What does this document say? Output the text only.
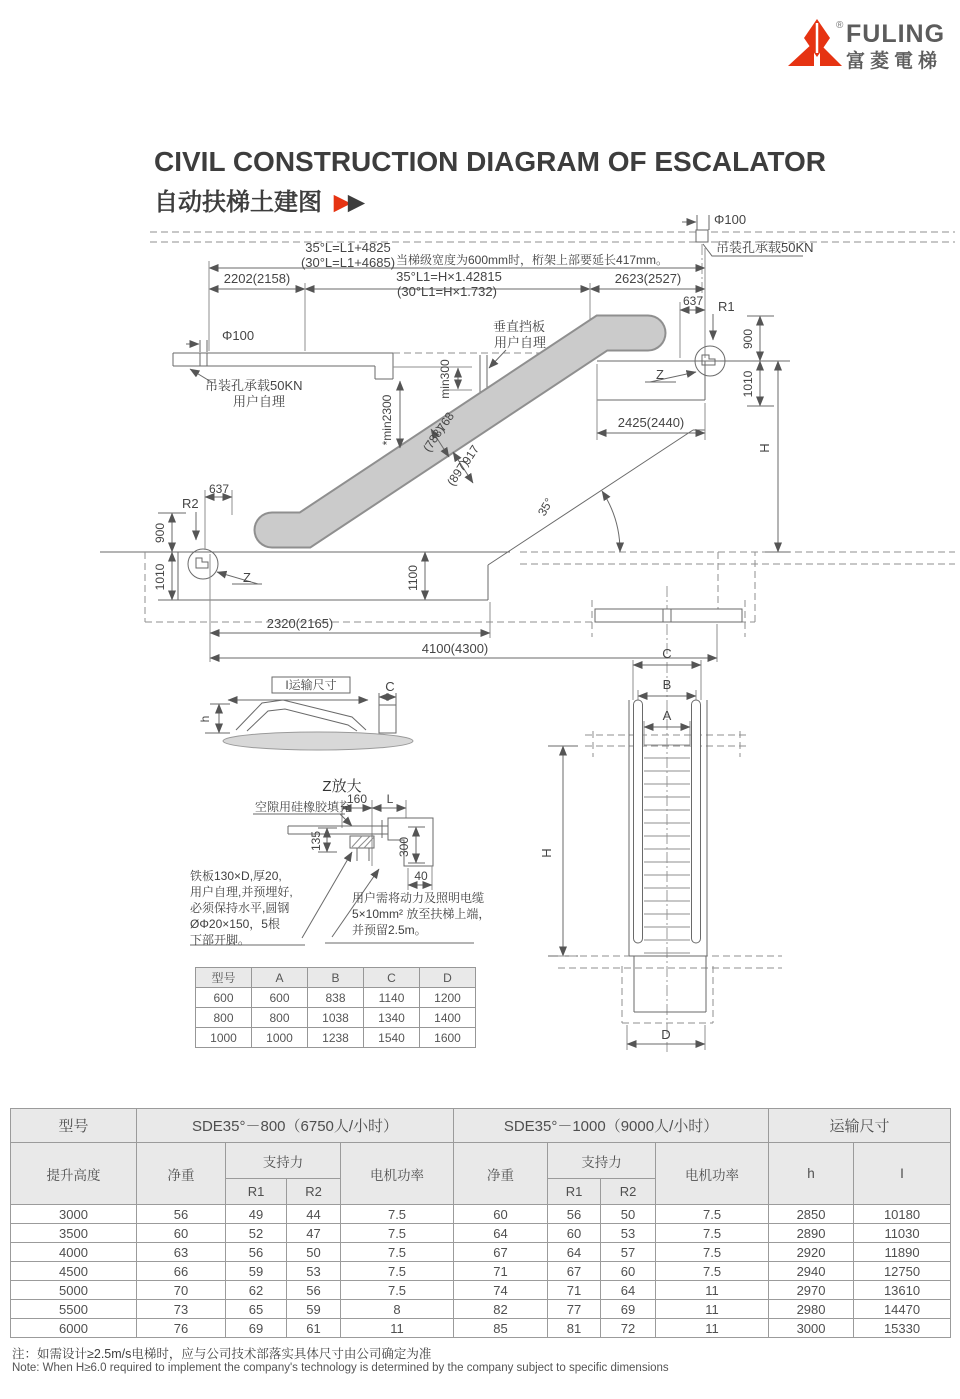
® FULING
富菱電梯
CIVIL CONSTRUCTION DIAGRAM OF ESCALATOR
自动扶梯土建图 ▶▶
Φ100
吊装孔承载50KN
35°L=L1+4825
(30°L=L1+4685) 当梯级宽度为600mm时，桁架上部要延长417mm。
35°L1=H×1.42815
(30°L1=H×1.732)
2202(2158)	2623(2527)
Φ100
吊装孔承载50KN
用户自理
垂直挡板
用户自理
637 R1
Z
900
1010
H
2425(2440)
min300
*min2300	768
(788)
917
(897)
35°
R2
900
1010	Z
637
1100
2320(2165)
4100(4300)
I运输尺寸	C
h
Z放大
160 L
空隙用硅橡胶填充
135	300
40
C
B
A
H
D
铁板130×D,厚20,
用户自理,并预埋好,
必须保持水平,圆钢
ØΦ20×150，5根
下部开脚。
用户需将动力及照明电缆
5×10mm² 放至扶梯上端，
并预留2.5m。
型号	A	B	C	D
600	600	838	1140	1200
800	800	1038	1340	1400
1000	1000	1238	1540	1600
型号	SDE35°－800（6750人/小时）				SDE35°－1000（9000人/小时）				运输尺寸	
提升高度	净重	支持力		电机功率	净重	支持力		电机功率	h	I
		R1	R2			R1	R2			
3000	56	49	44	7.5	60	56	50	7.5	2850	10180
3500	60	52	47	7.5	64	60	53	7.5	2890	11030
4000	63	56	50	7.5	67	64	57	7.5	2920	11890
4500	66	59	53	7.5	71	67	60	7.5	2940	12750
5000	70	62	56	7.5	74	71	64	11	2970	13610
5500	73	65	59	8	82	77	69	11	2980	14470
6000	76	69	61	11	85	81	72	11	3000	15330
注：如需设计≥2.5m/s电梯时，应与公司技术部落实具体尺寸由公司确定为准
Note: When H≥6.0 required to implement the company's technology is determined by the company subject to specific dimensions
